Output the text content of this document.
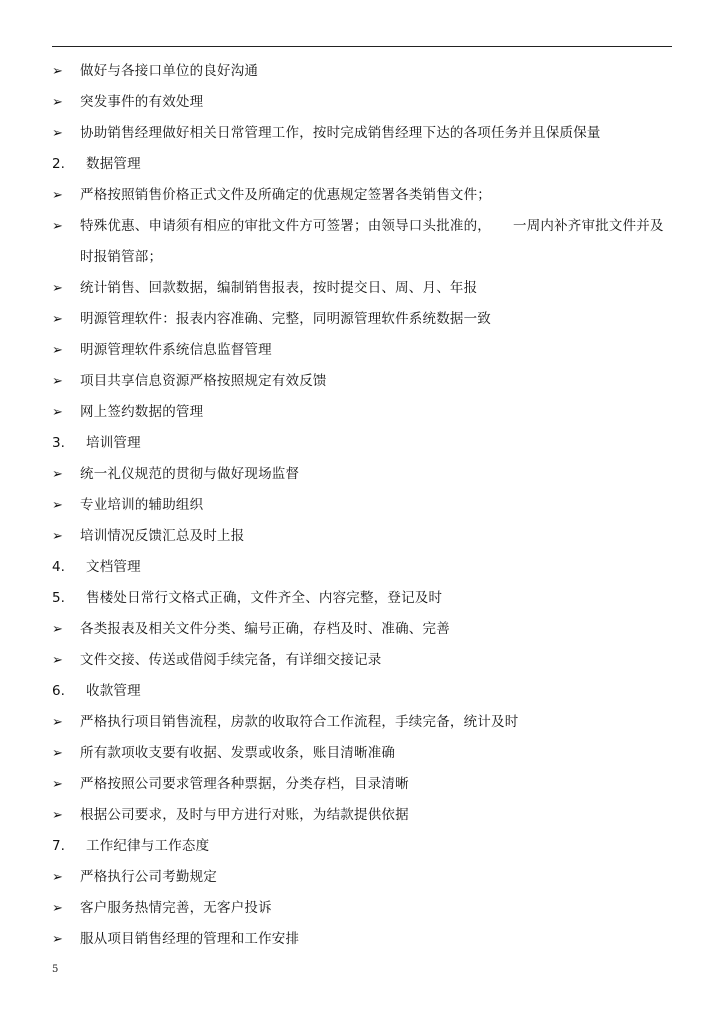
➢	做好与各接口单位的良好沟通
➢	突发事件的有效处理
➢	协助销售经理做好相关日常管理工作，按时完成销售经理下达的各项任务并且保质保量
2.	数据管理
➢	严格按照销售价格正式文件及所确定的优惠规定签署各类销售文件；
➢	特殊优惠、申请须有相应的审批文件方可签署；由领导口头批准的， 一周内补齐审批文件并及
时报销管部；
➢	统计销售、回款数据，编制销售报表，按时提交日、周、月、年报
➢	明源管理软件：报表内容准确、完整，同明源管理软件系统数据一致
➢	明源管理软件系统信息监督管理
➢	项目共享信息资源严格按照规定有效反馈
➢	网上签约数据的管理
3.	培训管理
➢	统一礼仪规范的贯彻与做好现场监督
➢	专业培训的辅助组织
➢	培训情况反馈汇总及时上报
4.	文档管理
5.	售楼处日常行文格式正确，文件齐全、内容完整，登记及时
➢	各类报表及相关文件分类、编号正确，存档及时、准确、完善
➢	文件交接、传送或借阅手续完备，有详细交接记录
6.	收款管理
➢	严格执行项目销售流程，房款的收取符合工作流程，手续完备，统计及时
➢	所有款项收支要有收据、发票或收条，账目清晰准确
➢	严格按照公司要求管理各种票据，分类存档，目录清晰
➢	根据公司要求，及时与甲方进行对账，为结款提供依据
7.	工作纪律与工作态度
➢	严格执行公司考勤规定
➢	客户服务热情完善，无客户投诉
➢	服从项目销售经理的管理和工作安排
5
